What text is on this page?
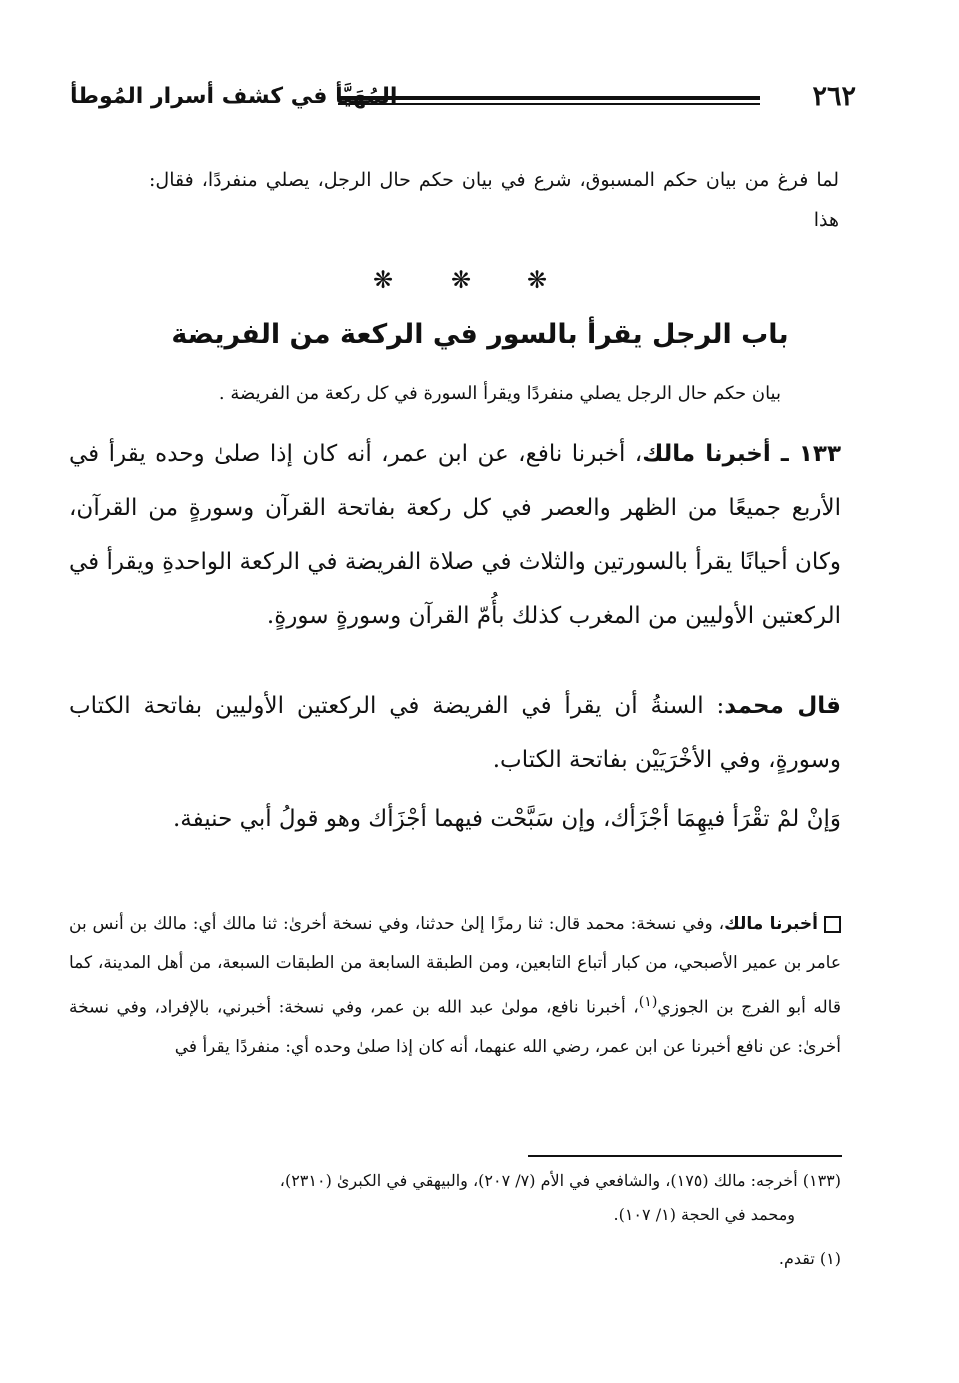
٢٦٢
المُهَيَّأ في كشف أسرار المُوطأ
لما فرغ من بيان حكم المسبوق، شرع في بيان حكم حال الرجل، يصلي منفردًا، فقال: هذا
❋ ❋ ❋
باب الرجل يقرأ بالسور في الركعة من الفريضة
بيان حكم حال الرجل يصلي منفردًا ويقرأ السورة في كل ركعة من الفريضة .

١٣٣ ـ أخبرنا مالك، أخبرنا نافع، عن ابن عمر، أنه كان إذا صلىٰ وحده يقرأ في الأربع جميعًا من الظهر والعصر في كل ركعة بفاتحة القرآن وسورةٍ من القرآن، وكان أحيانًا يقرأ بالسورتين والثلاث في صلاة الفريضة في الركعة الواحدةِ ويقرأ في الركعتين الأوليين من المغرب كذلك بأُمّ القرآن وسورةٍ سورةٍ.

قال محمد: السنةُ أن يقرأ في الفريضة في الركعتين الأوليين بفاتحة الكتاب وسورةٍ، وفي الأخْرَيَيْن بفاتحة الكتاب.
وَإنْ لمْ تقْرَأ فيهِمَا أجْزَأك، وإن سَبَّحْت فيهما أجْزَأك وهو قولُ أبي حنيفة.
أخبرنا مالك، وفي نسخة: محمد قال: ثنا رمزًا إلىٰ حدثنا، وفي نسخة أخرىٰ: ثنا مالك أي: مالك بن أنس بن عامر بن عمير الأصبحي، من كبار أتباع التابعين، ومن الطبقة السابعة من الطبقات السبعة، من أهل المدينة، كما قاله أبو الفرج بن الجوزي$^{(١)}$، أخبرنا نافع، مولىٰ عبد الله بن عمر، وفي نسخة: أخبرني، بالإفراد، وفي نسخة أخرىٰ: عن نافع أخبرنا عن ابن عمر، رضي الله عنهما، أنه كان إذا صلىٰ وحده أي: منفردًا يقرأ في

(١٣٣) أخرجه: مالك (١٧٥)، والشافعي في الأم (٧/ ٢٠٧)، والبيهقي في الكبرىٰ (٢٣١٠)،

ومحمد في الحجة (١/ ١٠٧).

(١) تقدم.
